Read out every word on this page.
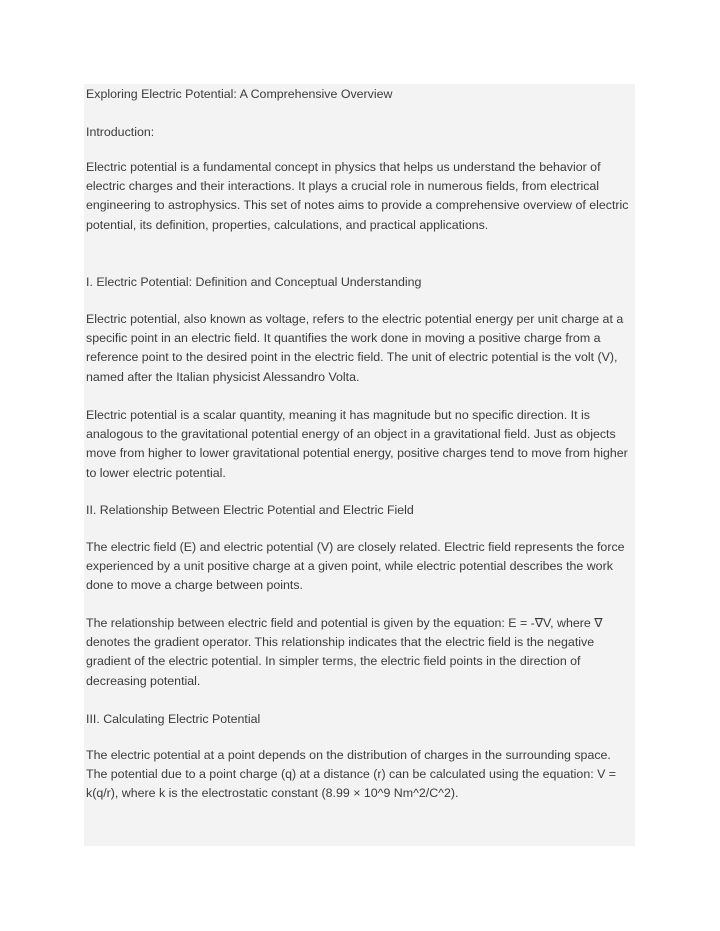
Exploring Electric Potential: A Comprehensive Overview

Introduction:

Electric potential is a fundamental concept in physics that helps us understand the behavior of electric charges and their interactions. It plays a crucial role in numerous fields, from electrical engineering to astrophysics. This set of notes aims to provide a comprehensive overview of electric potential, its definition, properties, calculations, and practical applications.

I. Electric Potential: Definition and Conceptual Understanding

Electric potential, also known as voltage, refers to the electric potential energy per unit charge at a specific point in an electric field. It quantifies the work done in moving a positive charge from a reference point to the desired point in the electric field. The unit of electric potential is the volt (V), named after the Italian physicist Alessandro Volta.

Electric potential is a scalar quantity, meaning it has magnitude but no specific direction. It is analogous to the gravitational potential energy of an object in a gravitational field. Just as objects move from higher to lower gravitational potential energy, positive charges tend to move from higher to lower electric potential.

II. Relationship Between Electric Potential and Electric Field

The electric field (E) and electric potential (V) are closely related. Electric field represents the force experienced by a unit positive charge at a given point, while electric potential describes the work done to move a charge between points.

The relationship between electric field and potential is given by the equation: E = -∇V, where ∇ denotes the gradient operator. This relationship indicates that the electric field is the negative gradient of the electric potential. In simpler terms, the electric field points in the direction of decreasing potential.

III. Calculating Electric Potential

The electric potential at a point depends on the distribution of charges in the surrounding space. The potential due to a point charge (q) at a distance (r) can be calculated using the equation: V = k(q/r), where k is the electrostatic constant (8.99 × 10^9 Nm^2/C^2).
